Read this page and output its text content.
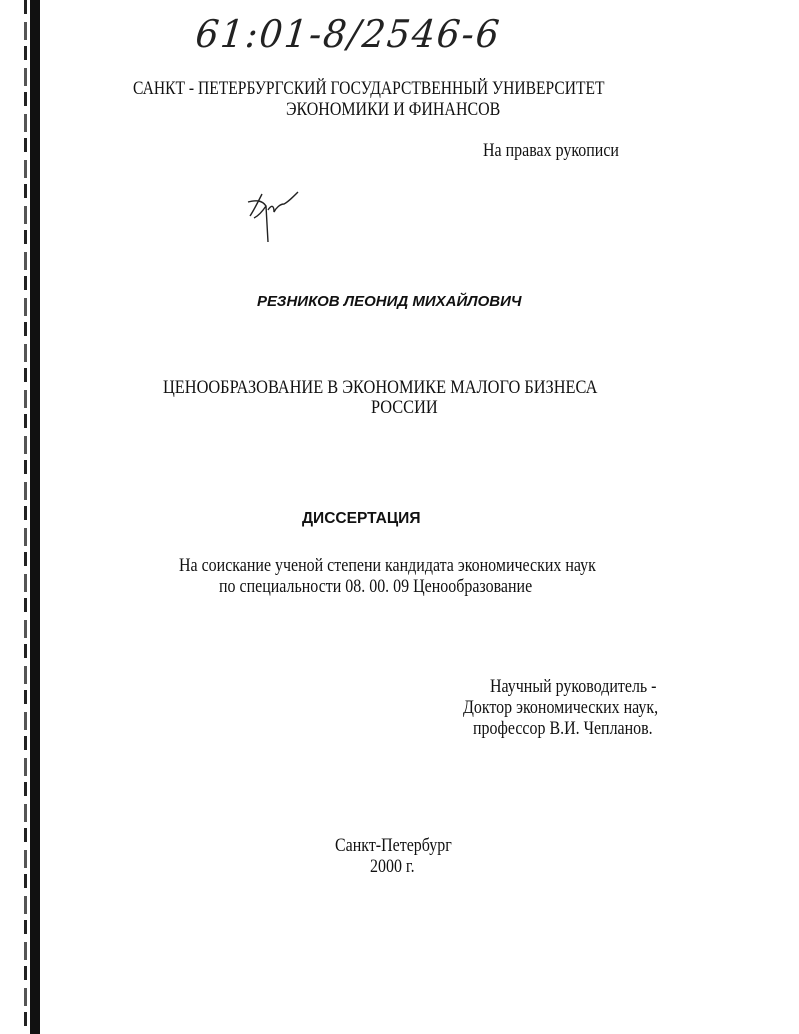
61:01-8/2546-6
САНКТ - ПЕТЕРБУРГСКИЙ ГОСУДАРСТВЕННЫЙ УНИВЕРСИТЕТ
ЭКОНОМИКИ И ФИНАНСОВ
На правах рукописи
РЕЗНИКОВ ЛЕОНИД МИХАЙЛОВИЧ
ЦЕНООБРАЗОВАНИЕ В ЭКОНОМИКЕ МАЛОГО БИЗНЕСА
РОССИИ
ДИССЕРТАЦИЯ
На соискание ученой степени кандидата экономических наук
по специальности 08. 00. 09 Ценообразование
Научный руководитель -
Доктор экономических наук,
профессор В.И. Чепланов.
Санкт-Петербург
2000 г.
